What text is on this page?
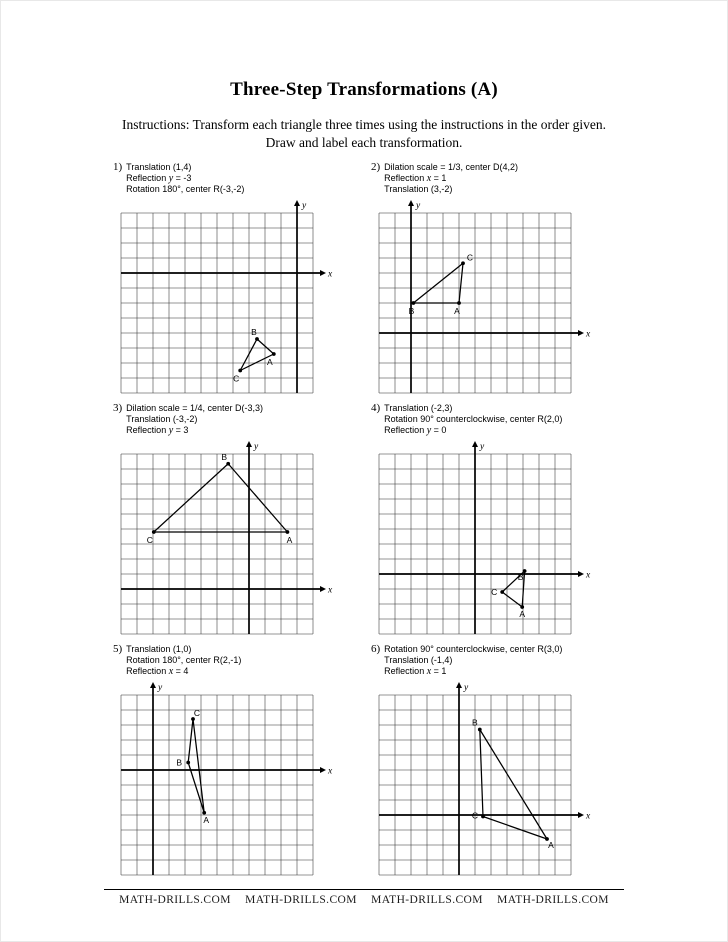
Three-Step Transformations (A)

Instructions: Transform each triangle three times using the instructions in the order given.
Draw and label each transformation.

1) Translation (1,4)
Reflection y = -3
Rotation 180°, center R(-3,-2)
x
y
B
A
C
2) Dilation scale = 1/3, center D(4,2)
Reflection x = 1
Translation (3,-2)
x
y
B	A
C
3) Dilation scale = 1/4, center D(-3,3)
Translation (-3,-2)
Reflection y = 3
x
y
B
C	A
4) Translation (-2,3)
Rotation 90° counterclockwise, center R(2,0)
Reflection y = 0
x
y
B
C
A
5) Translation (1,0)
Rotation 180°, center R(2,-1)
Reflection x = 4
x
y
C
B
A
6) Rotation 90° counterclockwise, center R(3,0)
Translation (-1,4)
Reflection x = 1
x
y
B
C
A
MATH-DRILLS.COM MATH-DRILLS.COM MATH-DRILLS.COM MATH-DRILLS.COM
